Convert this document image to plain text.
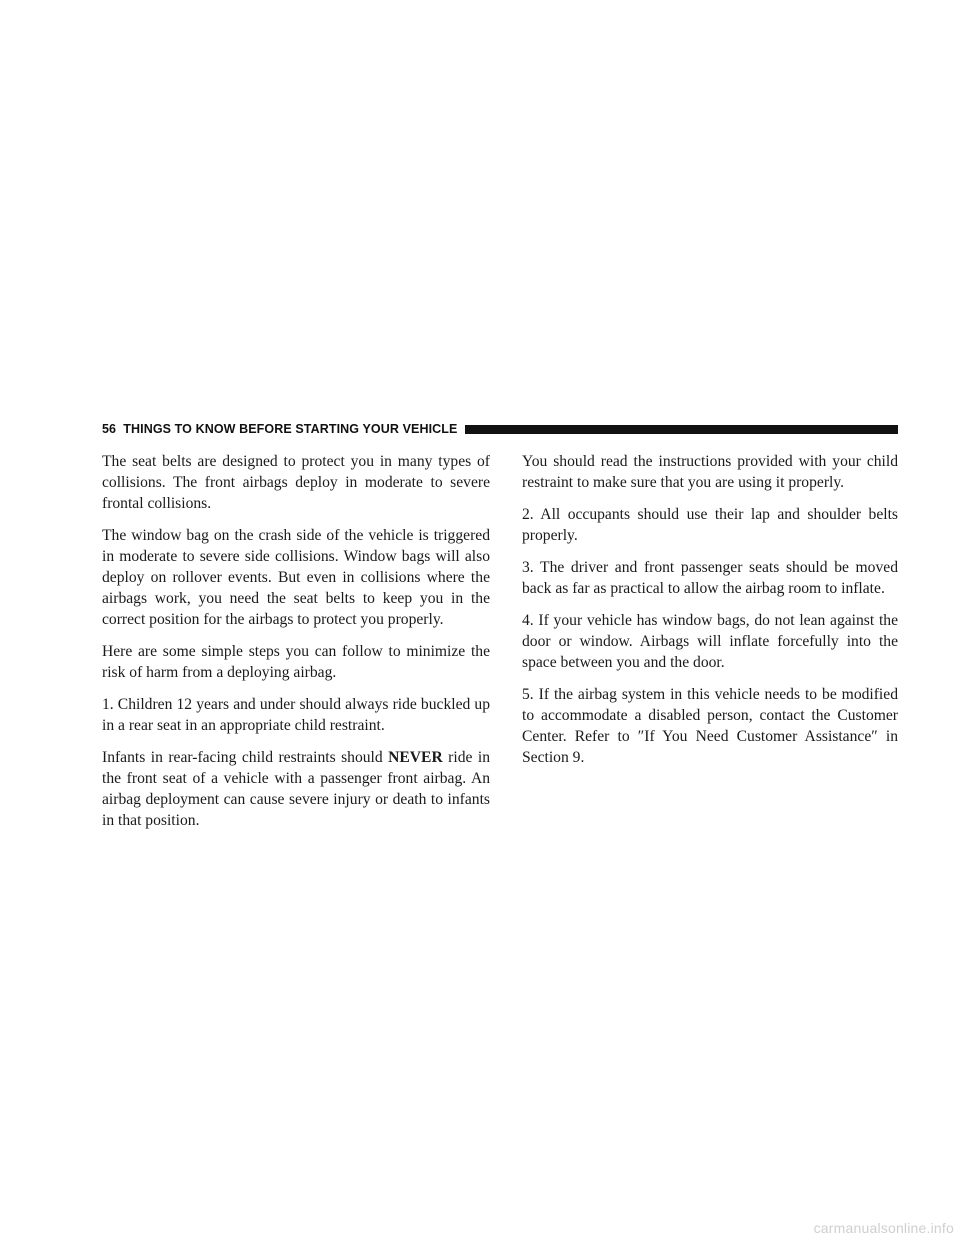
56 THINGS TO KNOW BEFORE STARTING YOUR VEHICLE

The seat belts are designed to protect you in many types of collisions. The front airbags deploy in moderate to severe frontal collisions.

The window bag on the crash side of the vehicle is triggered in moderate to severe side collisions. Window bags will also deploy on rollover events. But even in collisions where the airbags work, you need the seat belts to keep you in the correct position for the airbags to protect you properly.

Here are some simple steps you can follow to minimize the risk of harm from a deploying airbag.

1. Children 12 years and under should always ride buckled up in a rear seat in an appropriate child restraint.

Infants in rear-facing child restraints should NEVER ride in the front seat of a vehicle with a passenger front airbag. An airbag deployment can cause severe injury or death to infants in that position.

You should read the instructions provided with your child restraint to make sure that you are using it properly.

2. All occupants should use their lap and shoulder belts properly.

3. The driver and front passenger seats should be moved back as far as practical to allow the airbag room to inflate.

4. If your vehicle has window bags, do not lean against the door or window. Airbags will inflate forcefully into the space between you and the door.

5. If the airbag system in this vehicle needs to be modified to accommodate a disabled person, contact the Customer Center. Refer to ″If You Need Customer Assistance″ in Section 9.

carmanualsonline.info
